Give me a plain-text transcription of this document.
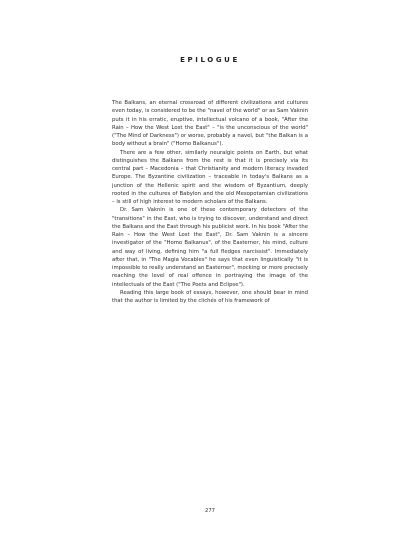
EPILOGUE

The Balkans, an eternal crossroad of different civilizations and cultures even today, is considered to be the "navel of the world" or as Sam Vaknin puts it in his erratic, eruptive, intellectual volcano of a book, "After the Rain – How the West Lost the East" – "is the unconscious of the world" ("The Mind of Darkness") or worse, probably a navel, but "the Balkan is a body without a brain" ("Homo Balkanus").

There are a few other, similarly neuralgic points on Earth, but what distinguishes the Balkans from the rest is that it is precisely via its central part – Macedonia – that Christianity and modern literacy invaded Europe. The Byzantine civilization – traceable in today's Balkans as a junction of the Hellenic spirit and the wisdom of Byzantium, deeply rooted in the cultures of Babylon and the old Mesopotamian civilizations – is still of high interest to modern scholars of the Balkans.

Dr. Sam Vaknin is one of these contemporary detectors of the "transitions" in the East, who is trying to discover, understand and direct the Balkans and the East through his publicist work. In his book "After the Rain – How the West Lost the East", Dr. Sam Vaknin is a sincere investigator of the "Homo Balkanus", of the Easterner, his mind, culture and way of living, defining him "a full fledges narcissist". Immediately after that, in "The Magia Vocables" he says that even linguistically "it is impossible to really understand an Easterner", mocking or more precisely reaching the level of real offence in portraying the image of the intellectuals of the East ("The Poets and Eclipse").

Reading this large book of essays, however, one should bear in mind that the author is limited by the clichés of his framework of

277
